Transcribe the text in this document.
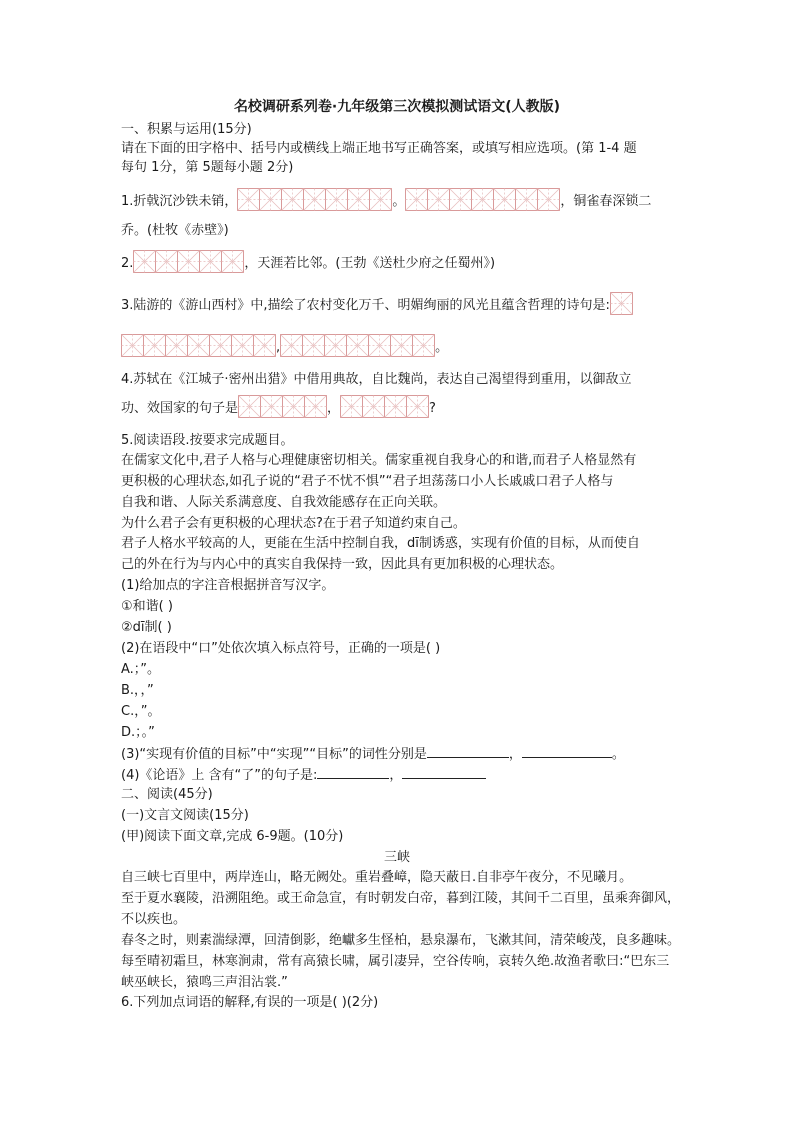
名校调研系列卷·九年级第三次模拟测试语文(人教版)
一、积累与运用(15分)
请在下面的田字格中、括号内或横线上端正地书写正确答案，或填写相应选项。(第 1-4 题
每句 1分，第 5题每小题 2分)
1.折戟沉沙铁未销，	。	，铜雀春深锁二
乔。(杜牧《赤壁》)
2.	，天涯若比邻。(王勃《送杜少府之任蜀州》)
3.陆游的《游山西村》中,描绘了农村变化万千、明媚绚丽的风光且蕴含哲理的诗句是:
,	。
4.苏轼在《江城子·密州出猎》中借用典故，自比魏尚，表达自己渴望得到重用，以御敌立
功、效国家的句子是	，	?
5.阅读语段.按要求完成题目。
在儒家文化中,君子人格与心理健康密切相关。儒家重视自我身心的和谐,而君子人格显然有
更积极的心理状态,如孔子说的“君子不忧不惧”“君子坦荡荡口小人长戚戚口君子人格与
自我和谐、人际关系满意度、自我效能感存在正向关联。
为什么君子会有更积极的心理状态?在于君子知道约束自己。
君子人格水平较高的人，更能在生活中控制自我，dī制诱惑，实现有价值的目标，从而使自
己的外在行为与内心中的真实自我保持一致，因此具有更加积极的心理状态。
(1)给加点的字注音根据拼音写汉字。
①和谐( )
②dī制( )
(2)在语段中“口”处依次填入标点符号，正确的一项是( )
A.；”。
B.，，”
C.，”。
D.；。”
(3)“实现有价值的目标”中“实现”“目标”的词性分别是	，	。
(4)《论语》上 含有“了”的句子是:	，
二、阅读(45分)
(一)文言文阅读(15分)
(甲)阅读下面文章,完成 6-9题。(10分)
三峡
自三峡七百里中，两岸连山，略无阙处。重岩叠嶂，隐天蔽日.自非亭午夜分，不见曦月。
至于夏水襄陵，沿溯阻绝。或王命急宣，有时朝发白帝，暮到江陵，其间千二百里，虽乘奔御风，
不以疾也。
春冬之时，则素湍绿潭，回清倒影，绝巘多生怪柏，悬泉瀑布，飞漱其间，清荣峻茂，良多趣味。
每至晴初霜旦，林寒涧肃，常有高猿长啸，属引凄异，空谷传响，哀转久绝.故渔者歌曰:“巴东三
峡巫峡长，猿鸣三声泪沾裳.”
6.下列加点词语的解释,有误的一项是( )(2分)
